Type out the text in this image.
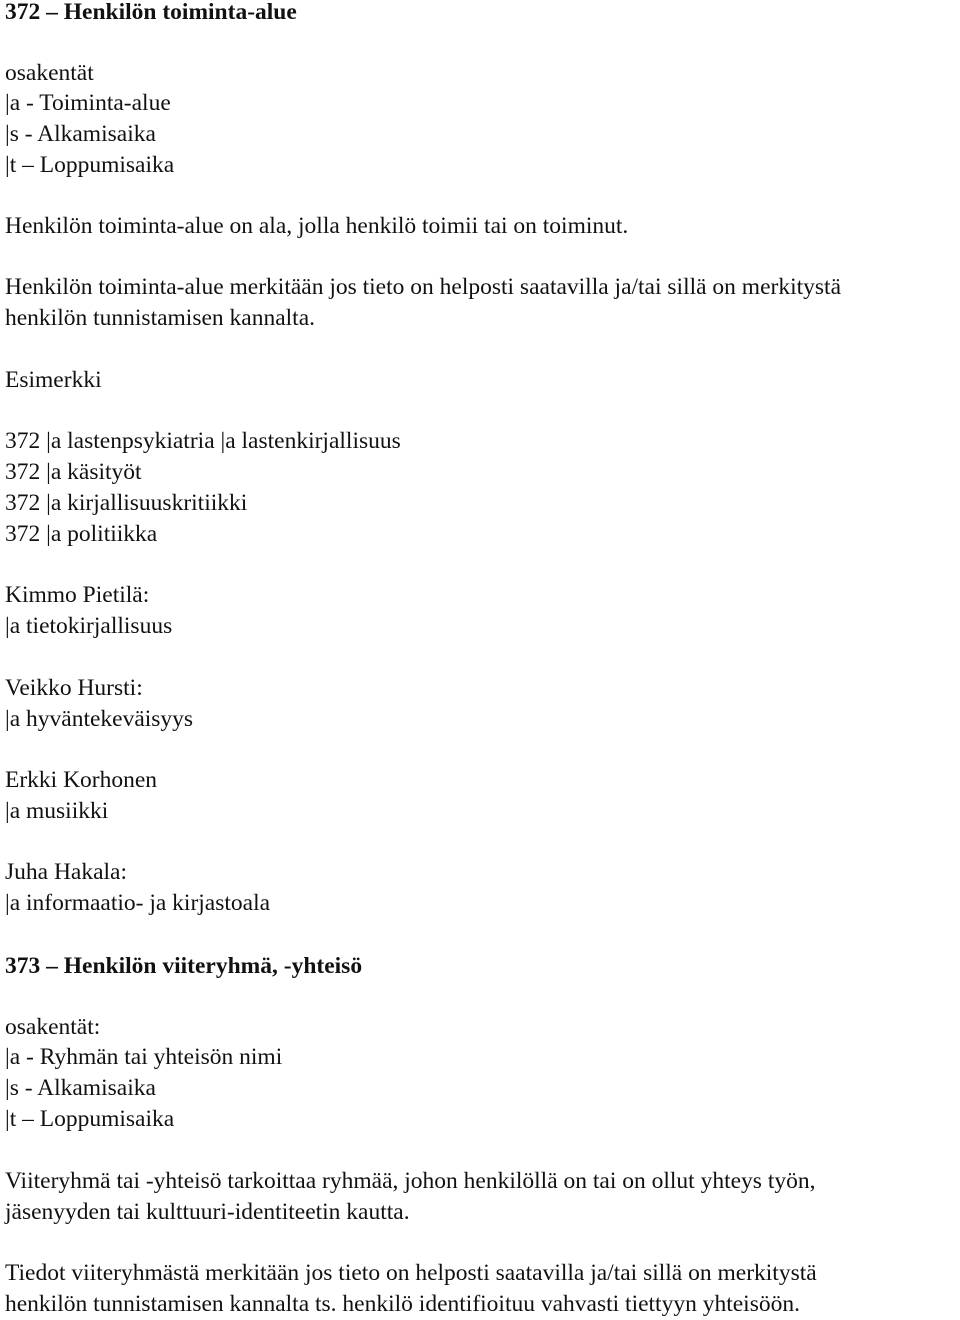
372 – Henkilön toiminta-alue
osakentät
|a - Toiminta-alue
|s - Alkamisaika
|t – Loppumisaika
Henkilön toiminta-alue on ala, jolla henkilö toimii tai on toiminut.
Henkilön toiminta-alue merkitään jos tieto on helposti saatavilla ja/tai sillä on merkitystä
henkilön tunnistamisen kannalta.
Esimerkki
372 |a lastenpsykiatria |a lastenkirjallisuus
372 |a käsityöt
372 |a kirjallisuuskritiikki
372 |a politiikka
Kimmo Pietilä:
|a tietokirjallisuus
Veikko Hursti:
|a hyväntekeväisyys
Erkki Korhonen
|a musiikki
Juha Hakala:
|a informaatio- ja kirjastoala
373 – Henkilön viiteryhmä, -yhteisö
osakentät:
|a - Ryhmän tai yhteisön nimi
|s - Alkamisaika
|t – Loppumisaika
Viiteryhmä tai -yhteisö tarkoittaa ryhmää, johon henkilöllä on tai on ollut yhteys työn,
jäsenyyden tai kulttuuri-identiteetin kautta.
Tiedot viiteryhmästä merkitään jos tieto on helposti saatavilla ja/tai sillä on merkitystä
henkilön tunnistamisen kannalta ts. henkilö identifioituu vahvasti tiettyyn yhteisöön.
